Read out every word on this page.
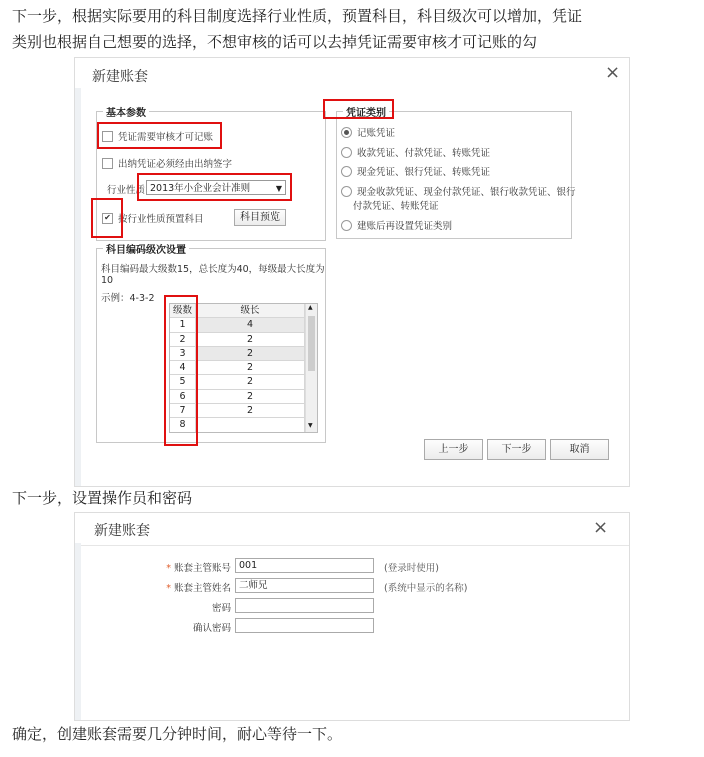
下一步，根据实际要用的科目制度选择行业性质，预置科目，科目级次可以增加，凭证
类别也根据自己想要的选择，不想审核的话可以去掉凭证需要审核才可记账的勾
新建账套	×
基本参数
凭证需要审核才可记账
出纳凭证必须经由出纳签字
行业性质 2013年小企业会计准则	▼
✔ 按行业性质预置科目	科目预览
科目编码级次设置
科目编码最大级数15，总长度为40，每级最大长度为
10
示例：4-3-2
级数	级长
1	4
2	2
3	2
4	2
5	2
6	2
7	2
8
▲
▼
凭证类别
记账凭证
收款凭证、付款凭证、转账凭证
现金凭证、银行凭证、转账凭证
现金收款凭证、现金付款凭证、银行收款凭证、银行
付款凭证、转账凭证
建账后再设置凭证类别
上一步	下一步	取消
下一步，设置操作员和密码
新建账套	×
* 账套主管账号 001	(登录时使用)
* 账套主管姓名 二师兄	(系统中显示的名称)
密码
确认密码
确定，创建账套需要几分钟时间，耐心等待一下。
